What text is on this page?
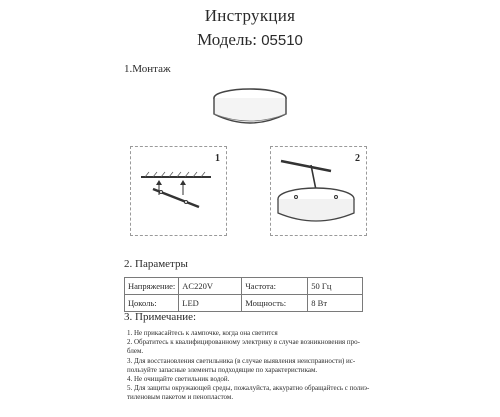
Инструкция
Модель: 05510
1.Монтаж
1	2
2. Параметры
Напряжение:	AC220V	Частота:	50 Гц
Цоколь:	LED	Мощность:	8 Вт
3. Примечание:
1. Не прикасайтесь к лампочке, когда она светится
2. Обратитесь к квалифицированному электрику в случае возникновения про-
блем.
3. Для восстановления светильника (в случае выявления неисправности) ис-
пользуйте запасные элементы подходящие по характеристикам.
4. Не очищайте светильник водой.
5. Для защиты окружающей среды, пожалуйста, аккуратно обращайтесь с полиэ-
тиленовым пакетом и пенопластом.
